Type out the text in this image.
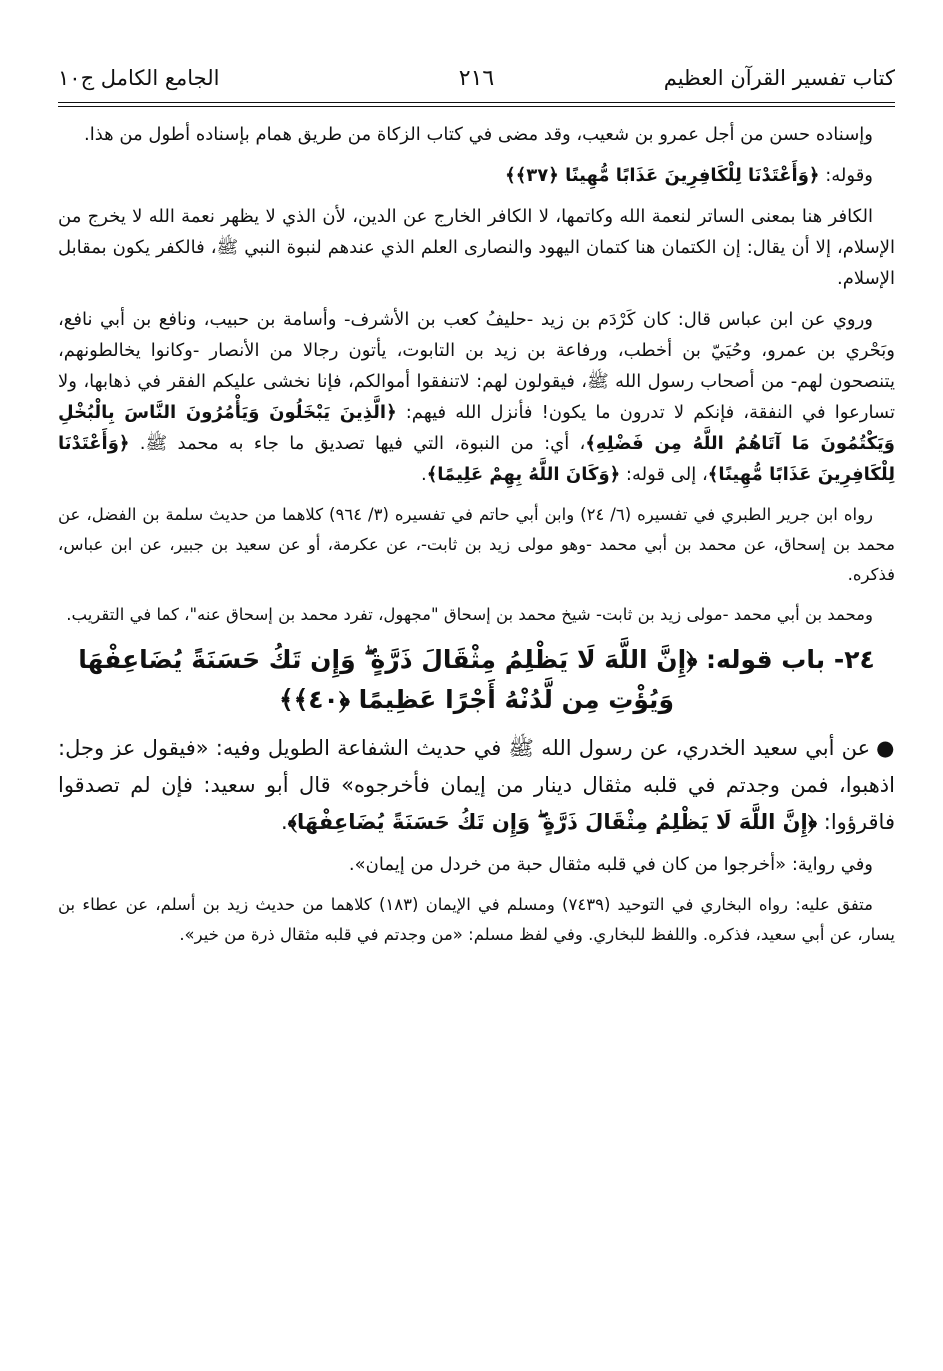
كتاب تفسير القرآن العظيم
٢١٦
الجامع الكامل ج١٠

وإسناده حسن من أجل عمرو بن شعيب، وقد مضى في كتاب الزكاة من طريق همام بإسناده أطول من هذا.

وقوله: ﴿وَأَعْتَدْنَا لِلْكَافِرِينَ عَذَابًا مُّهِينًا ﴿٣٧﴾﴾

الكافر هنا بمعنى الساتر لنعمة الله وكاتمها، لا الكافر الخارج عن الدين، لأن الذي لا يظهر نعمة الله لا يخرج من الإسلام، إلا أن يقال: إن الكتمان هنا كتمان اليهود والنصارى العلم الذي عندهم لنبوة النبي ﷺ، فالكفر يكون بمقابل الإسلام.

وروي عن ابن عباس قال: كان كَرْدَم بن زيد -حليفُ كعب بن الأشرف- وأسامة بن حبيب، ونافع بن أبي نافع، وبَحْري بن عمرو، وحُيَيّ بن أخطب، ورفاعة بن زيد بن التابوت، يأتون رجالا من الأنصار -وكانوا يخالطونهم، يتنصحون لهم- من أصحاب رسول الله ﷺ، فيقولون لهم: لاتنفقوا أموالكم، فإنا نخشى عليكم الفقر في ذهابها، ولا تسارعوا في النفقة، فإنكم لا تدرون ما يكون! فأنزل الله فيهم: ﴿الَّذِينَ يَبْخَلُونَ وَيَأْمُرُونَ النَّاسَ بِالْبُخْلِ وَيَكْتُمُونَ مَا آتَاهُمُ اللَّهُ مِن فَضْلِهِ﴾، أي: من النبوة، التي فيها تصديق ما جاء به محمد ﷺ. ﴿وَأَعْتَدْنَا لِلْكَافِرِينَ عَذَابًا مُّهِينًا﴾، إلى قوله: ﴿وَكَانَ اللَّهُ بِهِمْ عَلِيمًا﴾.

رواه ابن جرير الطبري في تفسيره (٦/ ٢٤) وابن أبي حاتم في تفسيره (٣/ ٩٦٤) كلاهما من حديث سلمة بن الفضل، عن محمد بن إسحاق، عن محمد بن أبي محمد -وهو مولى زيد بن ثابت-، عن عكرمة، أو عن سعيد بن جبير، عن ابن عباس، فذكره.

ومحمد بن أبي محمد -مولى زيد بن ثابت- شيخ محمد بن إسحاق "مجهول، تفرد محمد بن إسحاق عنه"، كما في التقريب.

٢٤- باب قوله: ﴿إِنَّ اللَّهَ لَا يَظْلِمُ مِثْقَالَ ذَرَّةٍ ۖ وَإِن تَكُ حَسَنَةً يُضَاعِفْهَا وَيُؤْتِ مِن لَّدُنْهُ أَجْرًا عَظِيمًا ﴿٤٠﴾﴾

●عن أبي سعيد الخدري، عن رسول الله ﷺ في حديث الشفاعة الطويل وفيه: «فيقول عز وجل: اذهبوا، فمن وجدتم في قلبه مثقال دينار من إيمان فأخرجوه» قال أبو سعيد: فإن لم تصدقوا فاقرؤوا: ﴿إِنَّ اللَّهَ لَا يَظْلِمُ مِثْقَالَ ذَرَّةٍ ۖ وَإِن تَكُ حَسَنَةً يُضَاعِفْهَا﴾.

وفي رواية: «أخرجوا من كان في قلبه مثقال حبة من خردل من إيمان».

متفق عليه: رواه البخاري في التوحيد (٧٤٣٩) ومسلم في الإيمان (١٨٣) كلاهما من حديث زيد بن أسلم، عن عطاء بن يسار، عن أبي سعيد، فذكره. واللفظ للبخاري. وفي لفظ مسلم: «من وجدتم في قلبه مثقال ذرة من خير».
